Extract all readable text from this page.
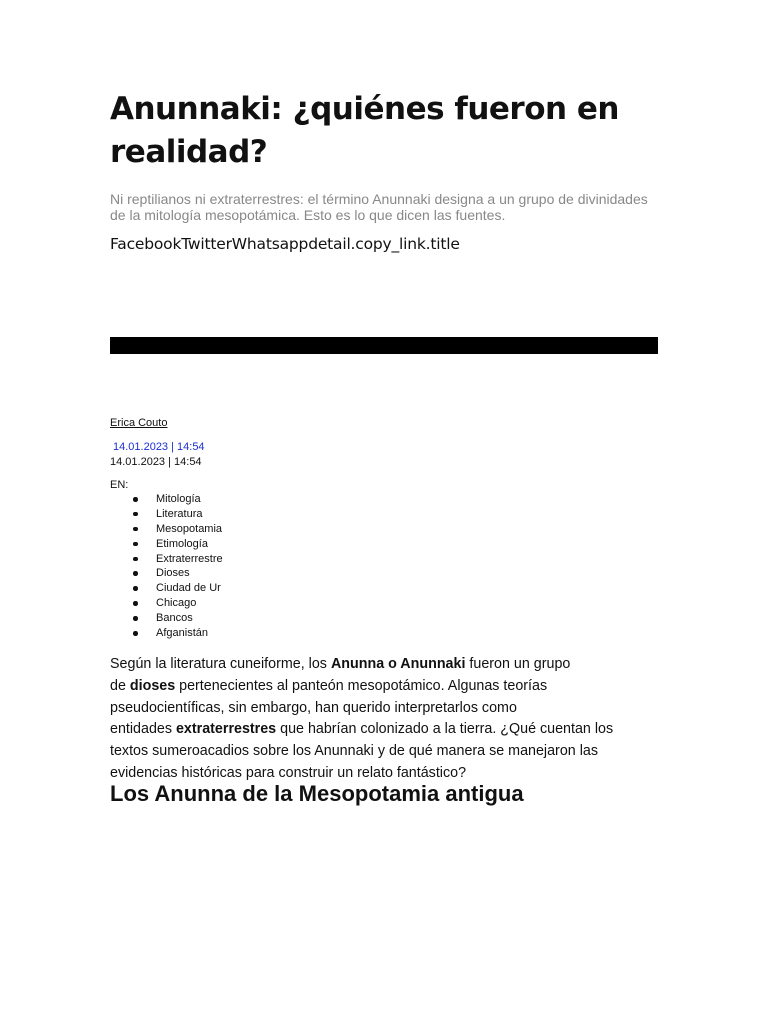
Anunnaki: ¿quiénes fueron en realidad?

Ni reptilianos ni extraterrestres: el término Anunnaki designa a un grupo de divinidades de la mitología mesopotámica. Esto es lo que dicen las fuentes.

FacebookTwitterWhatsappdetail.copy_link.title
Erica Couto
14.01.2023 | 14:54
14.01.2023 | 14:54
EN:
Mitología
Literatura
Mesopotamia
Etimología
Extraterrestre
Dioses
Ciudad de Ur
Chicago
Bancos
Afganistán

Según la literatura cuneiforme, los Anunna o Anunnaki fueron un grupo
de dioses pertenecientes al panteón mesopotámico. Algunas teorías
pseudocientíficas, sin embargo, han querido interpretarlos como
entidades extraterrestres que habrían colonizado a la tierra. ¿Qué cuentan los
textos sumeroacadios sobre los Anunnaki y de qué manera se manejaron las
evidencias históricas para construir un relato fantástico?

Los Anunna de la Mesopotamia antigua
